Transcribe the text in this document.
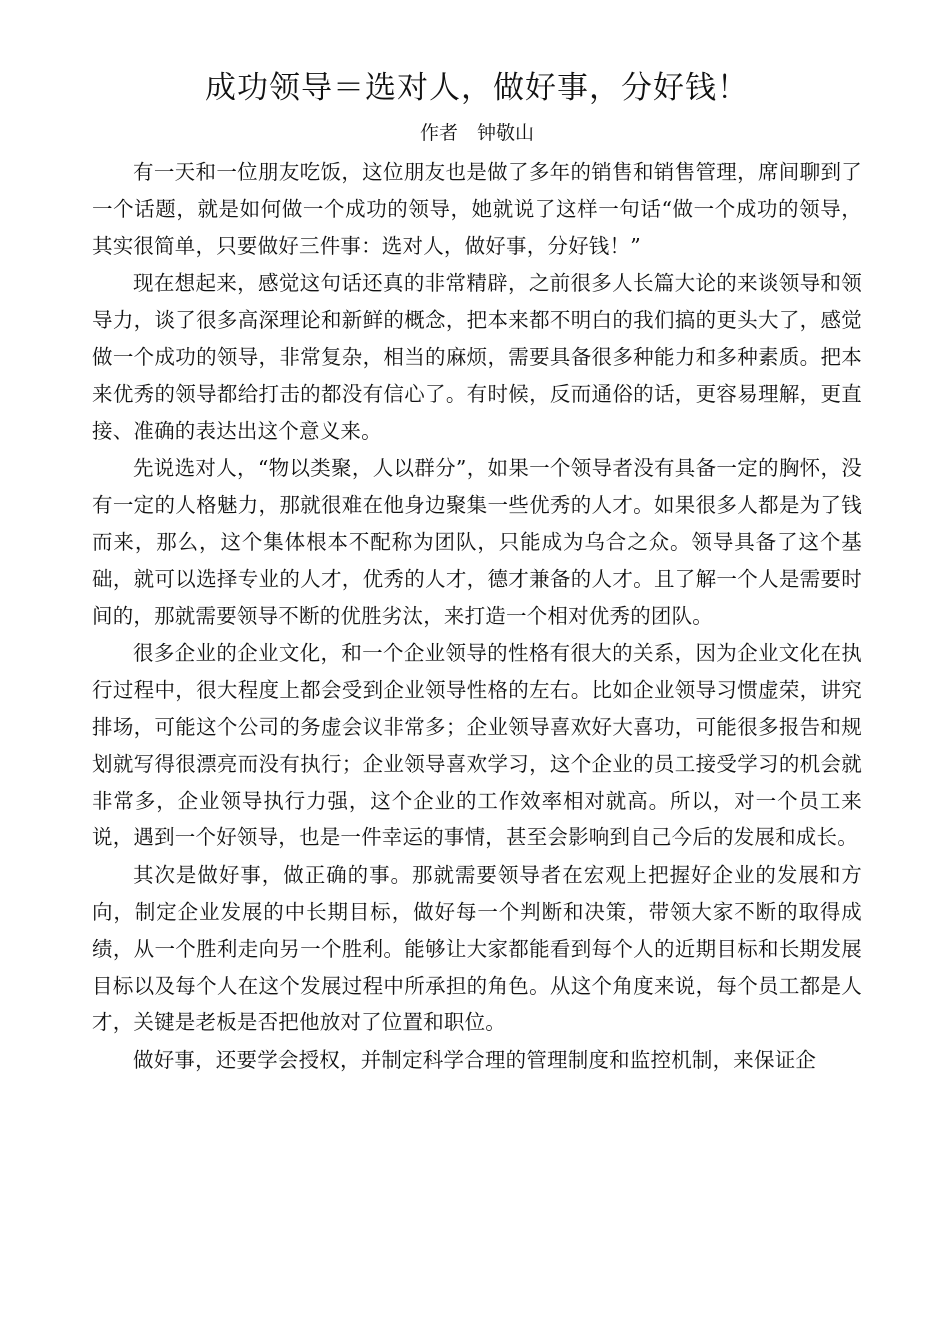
成功领导＝选对人，做好事，分好钱！
作者　钟敬山

有一天和一位朋友吃饭，这位朋友也是做了多年的销售和销售管理，席间聊到了一个话题，就是如何做一个成功的领导，她就说了这样一句话“做一个成功的领导，其实很简单，只要做好三件事：选对人，做好事，分好钱！”

现在想起来，感觉这句话还真的非常精辟，之前很多人长篇大论的来谈领导和领导力，谈了很多高深理论和新鲜的概念，把本来都不明白的我们搞的更头大了，感觉做一个成功的领导，非常复杂，相当的麻烦，需要具备很多种能力和多种素质。把本来优秀的领导都给打击的都没有信心了。有时候，反而通俗的话，更容易理解，更直接、准确的表达出这个意义来。

先说选对人，“物以类聚，人以群分”，如果一个领导者没有具备一定的胸怀，没有一定的人格魅力，那就很难在他身边聚集一些优秀的人才。如果很多人都是为了钱而来，那么，这个集体根本不配称为团队，只能成为乌合之众。领导具备了这个基础，就可以选择专业的人才，优秀的人才，德才兼备的人才。且了解一个人是需要时间的，那就需要领导不断的优胜劣汰，来打造一个相对优秀的团队。

很多企业的企业文化，和一个企业领导的性格有很大的关系，因为企业文化在执行过程中，很大程度上都会受到企业领导性格的左右。比如企业领导习惯虚荣，讲究排场，可能这个公司的务虚会议非常多；企业领导喜欢好大喜功，可能很多报告和规划就写得很漂亮而没有执行；企业领导喜欢学习，这个企业的员工接受学习的机会就非常多，企业领导执行力强，这个企业的工作效率相对就高。所以，对一个员工来说，遇到一个好领导，也是一件幸运的事情，甚至会影响到自己今后的发展和成长。

其次是做好事，做正确的事。那就需要领导者在宏观上把握好企业的发展和方向，制定企业发展的中长期目标，做好每一个判断和决策，带领大家不断的取得成绩，从一个胜利走向另一个胜利。能够让大家都能看到每个人的近期目标和长期发展目标以及每个人在这个发展过程中所承担的角色。从这个角度来说，每个员工都是人才，关键是老板是否把他放对了位置和职位。

做好事，还要学会授权，并制定科学合理的管理制度和监控机制，来保证企
